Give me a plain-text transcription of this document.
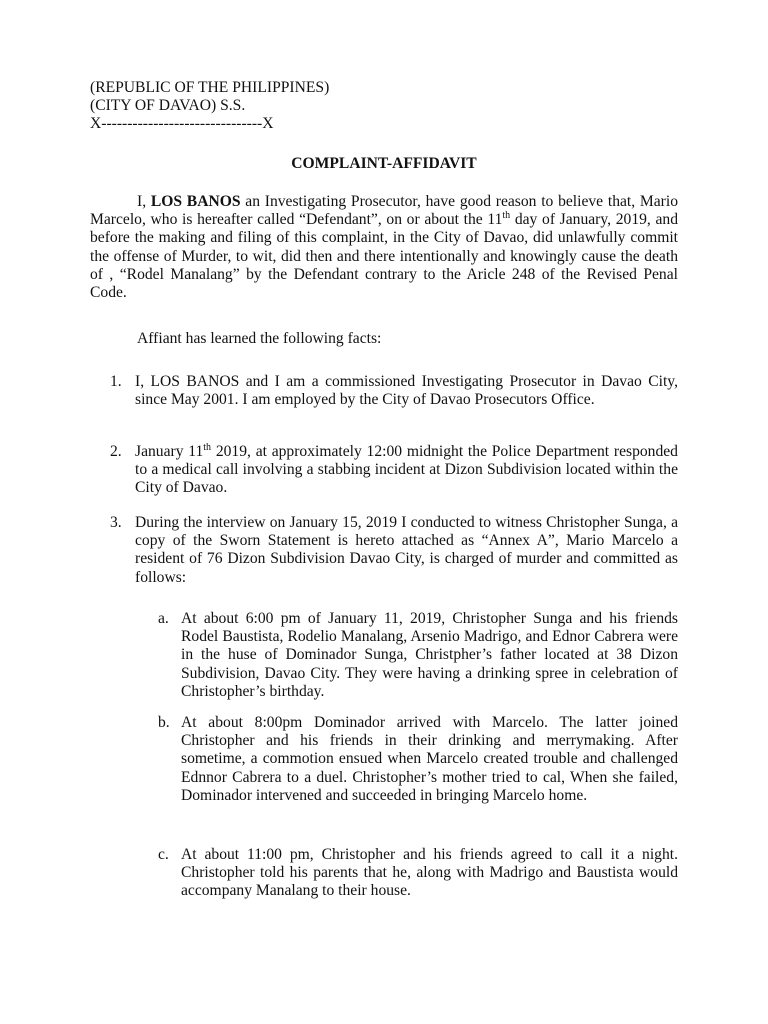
(REPUBLIC OF THE PHILIPPINES)
(CITY OF DAVAO) S.S.
X-------------------------------X
COMPLAINT-AFFIDAVIT
I, LOS BANOS an Investigating Prosecutor, have good reason to believe that, Mario Marcelo, who is hereafter called “Defendant”, on or about the 11th day of January, 2019, and before the making and filing of this complaint, in the City of Davao, did unlawfully commit the offense of Murder, to wit, did then and there intentionally and knowingly cause the death of , “Rodel Manalang” by the Defendant contrary to the Aricle 248 of the Revised Penal Code.
Affiant has learned the following facts:
1. I, LOS BANOS and I am a commissioned Investigating Prosecutor in Davao City, since May 2001. I am employed by the City of Davao Prosecutors Office.
2. January 11th 2019, at approximately 12:00 midnight the Police Department responded to a medical call involving a stabbing incident at Dizon Subdivision located within the City of Davao.
3. During the interview on January 15, 2019 I conducted to witness Christopher Sunga, a copy of the Sworn Statement is hereto attached as “Annex A”, Mario Marcelo a resident of 76 Dizon Subdivision Davao City, is charged of murder and committed as follows:
a. At about 6:00 pm of January 11, 2019, Christopher Sunga and his friends Rodel Baustista, Rodelio Manalang, Arsenio Madrigo, and Ednor Cabrera were in the huse of Dominador Sunga, Christpher’s father located at 38 Dizon Subdivision, Davao City. They were having a drinking spree in celebration of Christopher’s birthday.
b. At about 8:00pm Dominador arrived with Marcelo. The latter joined Christopher and his friends in their drinking and merrymaking. After sometime, a commotion ensued when Marcelo created trouble and challenged Ednnor Cabrera to a duel. Christopher’s mother tried to cal, When she failed, Dominador intervened and succeeded in bringing Marcelo home.
c. At about 11:00 pm, Christopher and his friends agreed to call it a night. Christopher told his parents that he, along with Madrigo and Baustista would accompany Manalang to their house.
